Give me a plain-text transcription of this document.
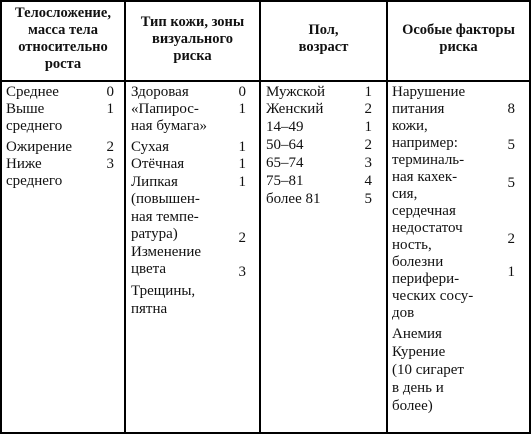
Телосложение,
масса тела
относительно
роста
Тип кожи, зоны
визуального
риска
Пол,
возраст
Особые факторы
риска
Среднее
Выше
среднего
Ожирение
Ниже
среднего
0
1
2
3
Здоровая
«Папирос-
ная бумага»
Сухая
Отёчная
Липкая
(повышен-
ная темпе-
ратура)
Изменение
цвета
Трещины,
пятна
0
1
1
1
1
2
3
Мужской
Женский
14–49
50–64
65–74
75–81
более 81
1
2
1
2
3
4
5
Нарушение
питания
кожи,
например:
терминаль-
ная кахек-
сия,
сердечная
недостаточ
ность,
болезни
перифери-
ческих сосу-
дов
Анемия
Курение
(10 сигарет
в день и
более)
8
5
5
2
1
